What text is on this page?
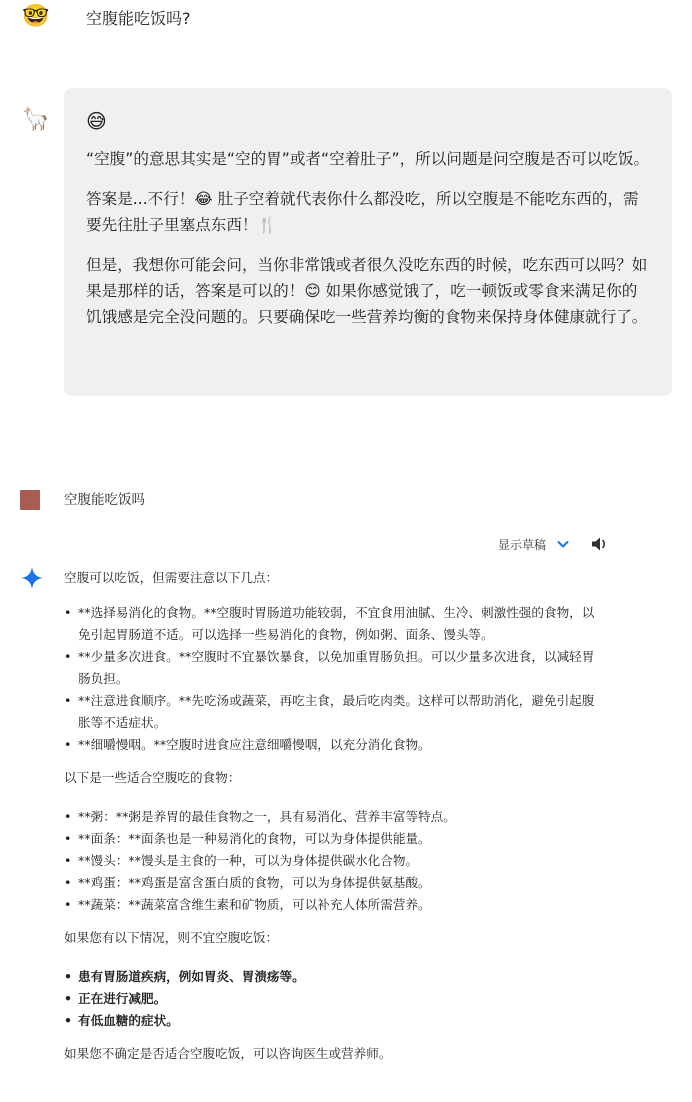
🤓 空腹能吃饭吗?
🦙 😅

“空腹”的意思其实是“空的胃”或者“空着肚子”，所以问题是问空腹是否可以吃饭。

答案是...不行！😂 肚子空着就代表你什么都没吃，所以空腹是不能吃东西的，需要先往肚子里塞点东西！🍴

但是，我想你可能会问，当你非常饿或者很久没吃东西的时候，吃东西可以吗？如果是那样的话，答案是可以的！😊 如果你感觉饿了，吃一顿饭或零食来满足你的饥饿感是完全没问题的。只要确保吃一些营养均衡的食物来保持身体健康就行了。

空腹能吃饭吗
显示草稿

空腹可以吃饭，但需要注意以下几点：

• **选择易消化的食物。**空腹时胃肠道功能较弱，不宜食用油腻、生冷、刺激性强的食物，以免引起胃肠道不适。可以选择一些易消化的食物，例如粥、面条、馒头等。
• **少量多次进食。**空腹时不宜暴饮暴食，以免加重胃肠负担。可以少量多次进食，以减轻胃肠负担。
• **注意进食顺序。**先吃汤或蔬菜，再吃主食，最后吃肉类。这样可以帮助消化，避免引起腹胀等不适症状。
• **细嚼慢咽。**空腹时进食应注意细嚼慢咽，以充分消化食物。

以下是一些适合空腹吃的食物：

• **粥：**粥是养胃的最佳食物之一，具有易消化、营养丰富等特点。
• **面条：**面条也是一种易消化的食物，可以为身体提供能量。
• **馒头：**馒头是主食的一种，可以为身体提供碳水化合物。
• **鸡蛋：**鸡蛋是富含蛋白质的食物，可以为身体提供氨基酸。
• **蔬菜：**蔬菜富含维生素和矿物质，可以补充人体所需营养。

如果您有以下情况，则不宜空腹吃饭：

• 患有胃肠道疾病，例如胃炎、胃溃疡等。
• 正在进行减肥。
• 有低血糖的症状。

如果您不确定是否适合空腹吃饭，可以咨询医生或营养师。
